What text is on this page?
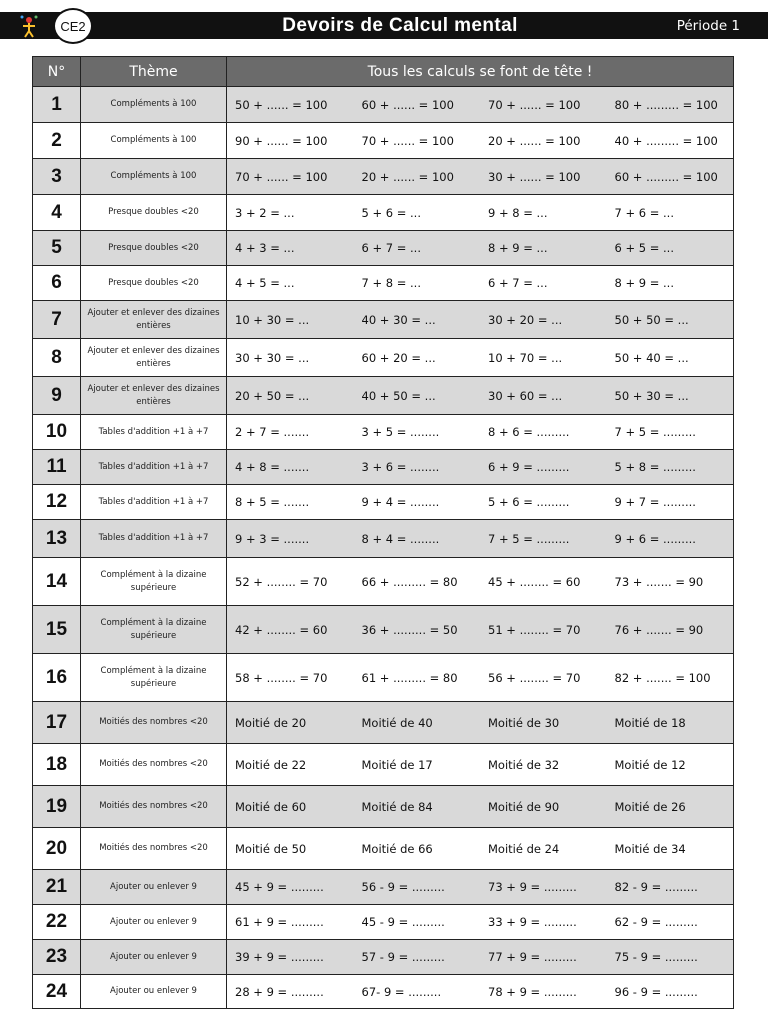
CE2	Devoirs de Calcul mental	Période 1
N°	Thème	Tous les calculs se font de tête !
1	Compléments à 100	50 + ...... = 100 60 + ...... = 100 70 + ...... = 100 80 + ......... = 100

2	Compléments à 100	90 + ...... = 100 70 + ...... = 100 20 + ...... = 100 40 + ......... = 100

3	Compléments à 100	70 + ...... = 100 20 + ...... = 100 30 + ...... = 100 60 + ......... = 100

4	Presque doubles <20	3 + 2 = ... 5 + 6 = ... 9 + 8 = ... 7 + 6 = ...

5	Presque doubles <20	4 + 3 = ... 6 + 7 = ... 8 + 9 = ... 6 + 5 = ...

6	Presque doubles <20	4 + 5 = ... 7 + 8 = ... 6 + 7 = ... 8 + 9 = ...

7	Ajouter et enlever des dizaines entières	10 + 30 = ... 40 + 30 = ... 30 + 20 = ... 50 + 50 = ...

8	Ajouter et enlever des dizaines entières	30 + 30 = ... 60 + 20 = ... 10 + 70 = ... 50 + 40 = ...

9	Ajouter et enlever des dizaines entières	20 + 50 = ... 40 + 50 = ... 30 + 60 = ... 50 + 30 = ...

10	Tables d'addition +1 à +7	2 + 7 = ....... 3 + 5 = ........ 8 + 6 = ......... 7 + 5 = .........

11	Tables d'addition +1 à +7	4 + 8 = ....... 3 + 6 = ........ 6 + 9 = ......... 5 + 8 = .........

12	Tables d'addition +1 à +7	8 + 5 = ....... 9 + 4 = ........ 5 + 6 = ......... 9 + 7 = .........

13	Tables d'addition +1 à +7	9 + 3 = ....... 8 + 4 = ........ 7 + 5 = ......... 9 + 6 = .........

14	Complément à la dizaine supérieure	52 + ........ = 70 66 + ......... = 80 45 + ........ = 60 73 + ....... = 90

15	Complément à la dizaine supérieure	42 + ........ = 60 36 + ......... = 50 51 + ........ = 70 76 + ....... = 90

16	Complément à la dizaine supérieure	58 + ........ = 70 61 + ......... = 80 56 + ........ = 70 82 + ....... = 100

17	Moitiés des nombres <20	Moitié de 20 Moitié de 40 Moitié de 30 Moitié de 18

18	Moitiés des nombres <20	Moitié de 22 Moitié de 17 Moitié de 32 Moitié de 12

19	Moitiés des nombres <20	Moitié de 60 Moitié de 84 Moitié de 90 Moitié de 26

20	Moitiés des nombres <20	Moitié de 50 Moitié de 66 Moitié de 24 Moitié de 34

21	Ajouter ou enlever 9	45 + 9 = ......... 56 - 9 = ......... 73 + 9 = ......... 82 - 9 = .........

22	Ajouter ou enlever 9	61 + 9 = ......... 45 - 9 = ......... 33 + 9 = ......... 62 - 9 = .........

23	Ajouter ou enlever 9	39 + 9 = ......... 57 - 9 = ......... 77 + 9 = ......... 75 - 9 = .........

24	Ajouter ou enlever 9	28 + 9 = ......... 67- 9 = ......... 78 + 9 = ......... 96 - 9 = .........
